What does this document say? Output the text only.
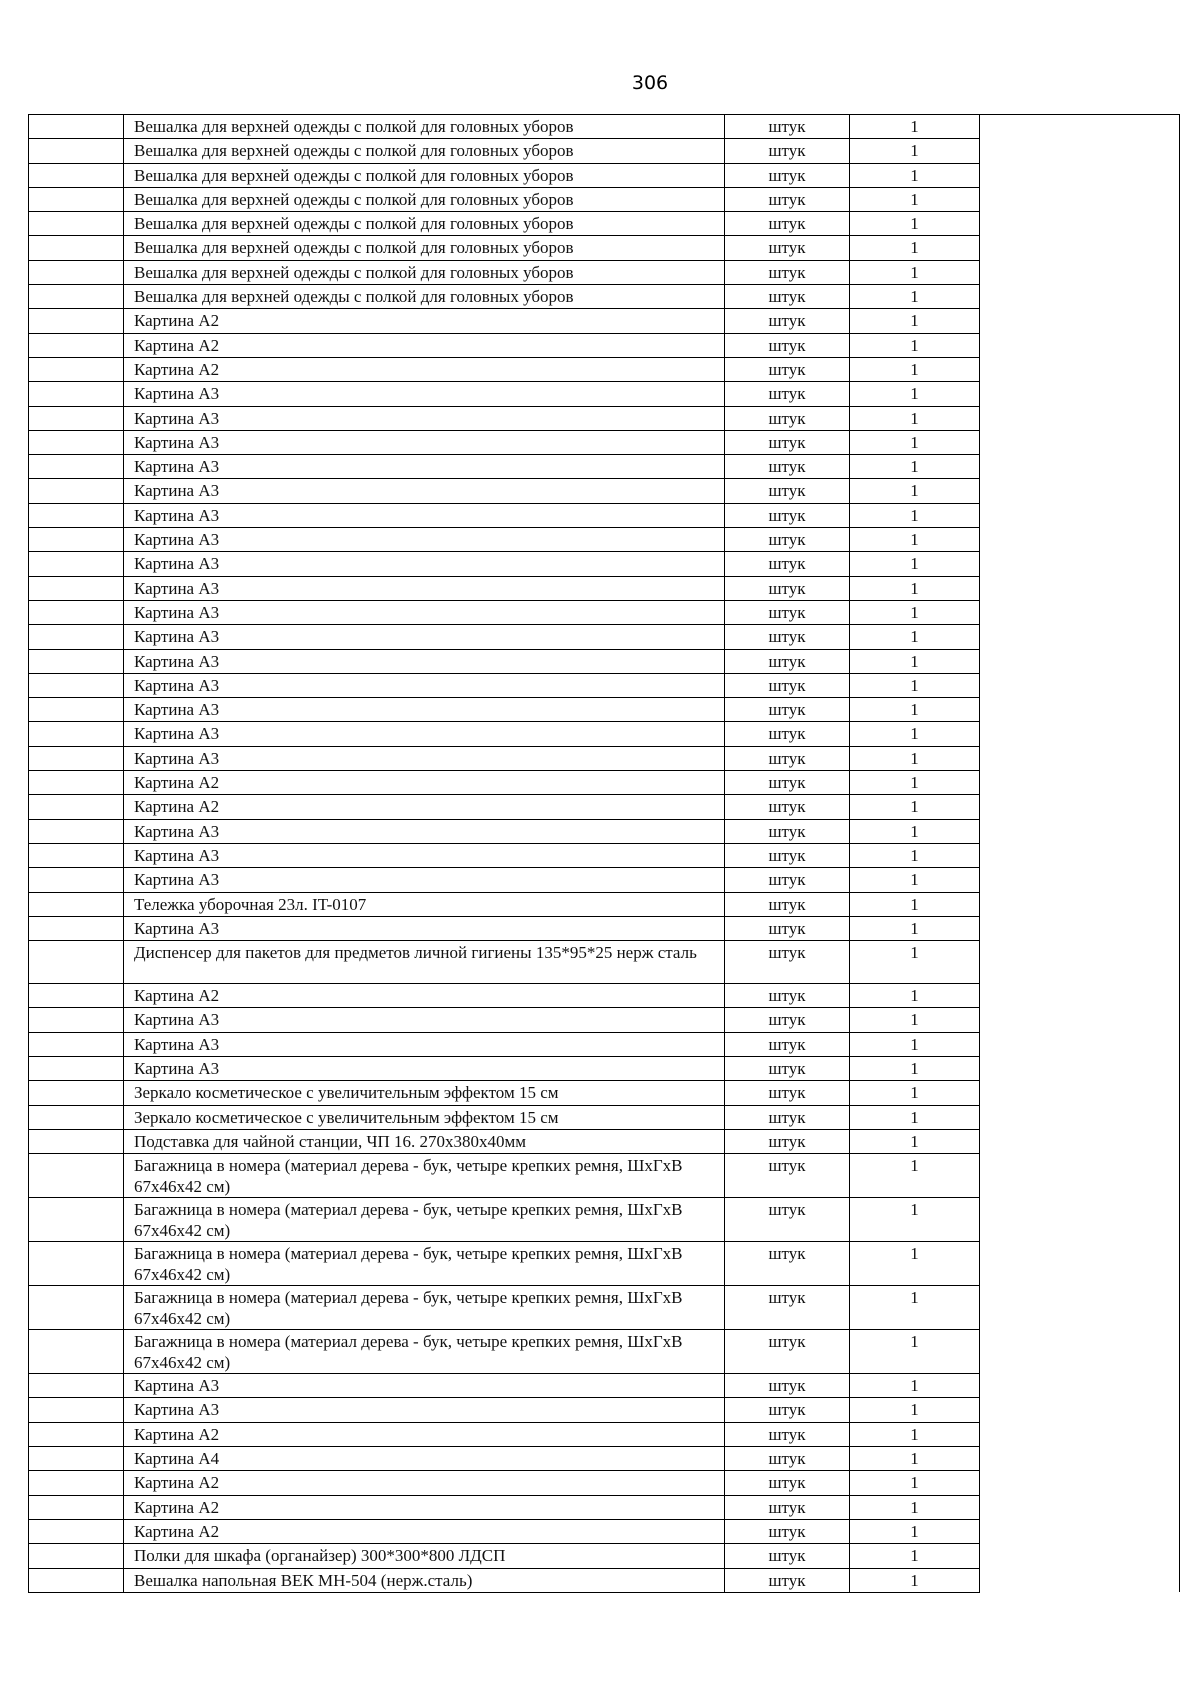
306

	Вешалка для верхней одежды с полкой для головных уборов	штук	1	

	Вешалка для верхней одежды с полкой для головных уборов	штук	1	

	Вешалка для верхней одежды с полкой для головных уборов	штук	1	

	Вешалка для верхней одежды с полкой для головных уборов	штук	1	

	Вешалка для верхней одежды с полкой для головных уборов	штук	1	

	Вешалка для верхней одежды с полкой для головных уборов	штук	1	

	Вешалка для верхней одежды с полкой для головных уборов	штук	1	

	Вешалка для верхней одежды с полкой для головных уборов	штук	1	

	Картина А2	штук	1	

	Картина А2	штук	1	

	Картина А2	штук	1	

	Картина А3	штук	1	

	Картина А3	штук	1	

	Картина А3	штук	1	

	Картина А3	штук	1	

	Картина А3	штук	1	

	Картина А3	штук	1	

	Картина А3	штук	1	

	Картина А3	штук	1	

	Картина А3	штук	1	

	Картина А3	штук	1	

	Картина А3	штук	1	

	Картина А3	штук	1	

	Картина А3	штук	1	

	Картина А3	штук	1	

	Картина А3	штук	1	

	Картина А3	штук	1	

	Картина А2	штук	1	

	Картина А2	штук	1	

	Картина А3	штук	1	

	Картина А3	штук	1	

	Картина А3	штук	1	

	Тележка уборочная 23л. IT-0107	штук	1	

	Картина А3	штук	1	

	Диспенсер для пакетов для предметов личной гигиены 135*95*25 нерж сталь	штук	1	

	Картина А2	штук	1	

	Картина А3	штук	1	

	Картина А3	штук	1	

	Картина А3	штук	1	

	Зеркало косметическое с увеличительным эффектом 15 см	штук	1	

	Зеркало косметическое с увеличительным эффектом 15 см	штук	1	

	Подставка для чайной станции, ЧП 16. 270х380х40мм	штук	1	

	Багажница в номера (материал дерева - бук, четыре крепких ремня, ШхГхВ 67х46х42 см)	штук	1	

	Багажница в номера (материал дерева - бук, четыре крепких ремня, ШхГхВ 67х46х42 см)	штук	1	

	Багажница в номера (материал дерева - бук, четыре крепких ремня, ШхГхВ 67х46х42 см)	штук	1	

	Багажница в номера (материал дерева - бук, четыре крепких ремня, ШхГхВ 67х46х42 см)	штук	1	

	Багажница в номера (материал дерева - бук, четыре крепких ремня, ШхГхВ 67х46х42 см)	штук	1	

	Картина А3	штук	1	

	Картина А3	штук	1	

	Картина А2	штук	1	

	Картина А4	штук	1	

	Картина А2	штук	1	

	Картина А2	штук	1	

	Картина А2	штук	1	

	Полки для шкафа (органайзер) 300*300*800 ЛДСП	штук	1	

	Вешалка напольная ВЕК МН-504 (нерж.сталь)	штук	1	
